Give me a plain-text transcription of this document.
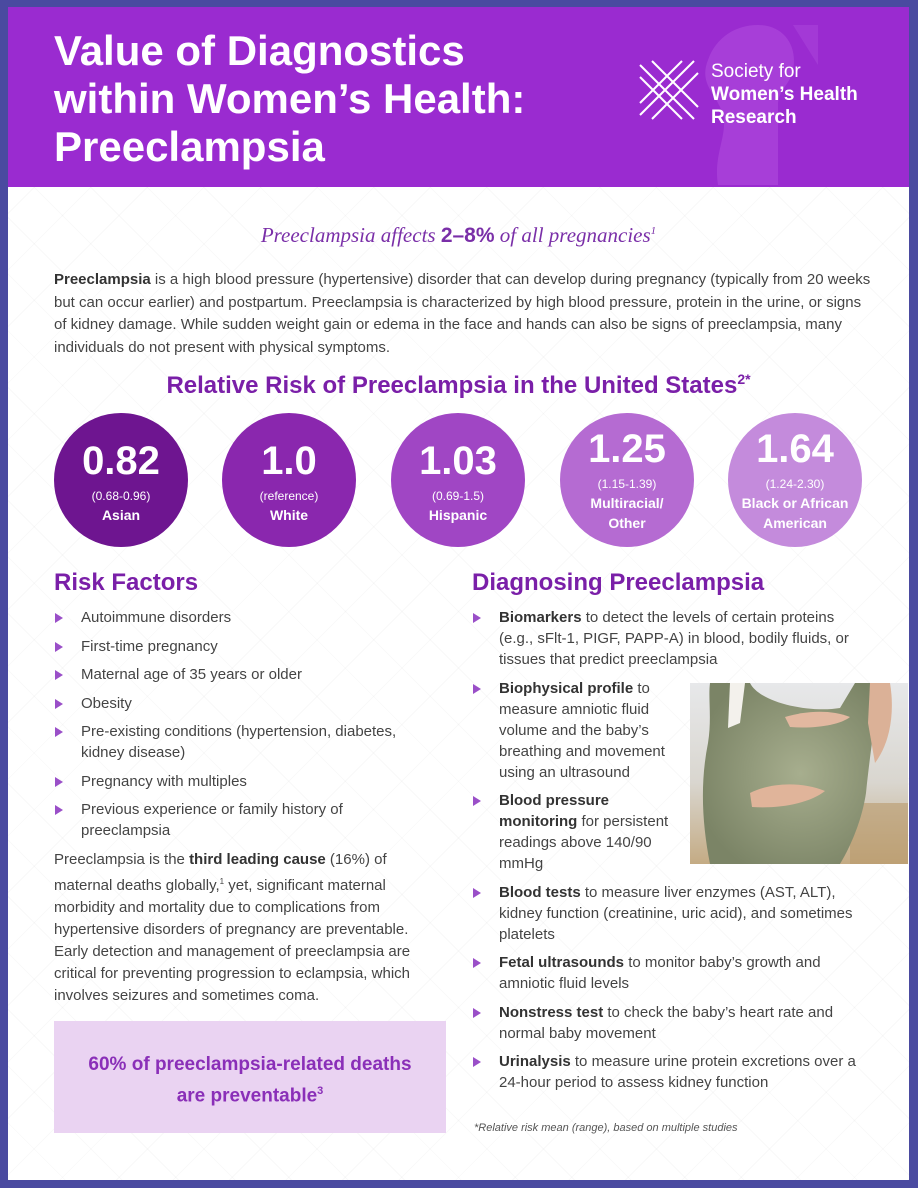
Value of Diagnostics
within Women’s Health:
Preeclampsia
Society for
Women’s Health
Research
Preeclampsia affects 2–8% of all pregnancies$^1$

Preeclampsia is a high blood pressure (hypertensive) disorder that can develop during pregnancy (typically from 20 weeks but can occur earlier) and postpartum. Preeclampsia is characterized by high blood pressure, protein in the urine, or signs of kidney damage. While sudden weight gain or edema in the face and hands can also be signs of preeclampsia, many individuals do not present with physical symptoms.

Relative Risk of Preeclampsia in the United States$^{2*}$
0.82
(0.68-0.96)
Asian
1.0
(reference)
White
1.03
(0.69-1.5)
Hispanic
1.25
(1.15-1.39)
Multiracial/
Other
1.64
(1.24-2.30)
Black or African
American
Risk Factors
Autoimmune disorders
First-time pregnancy
Maternal age of 35 years or older
Obesity
Pre-existing conditions (hypertension, diabetes, kidney disease)
Pregnancy with multiples
Previous experience or family history of preeclampsia

Preeclampsia is the third leading cause (16%) of maternal deaths globally,$^1$ yet, significant maternal morbidity and mortality due to complications from hypertensive disorders of pregnancy are preventable. Early detection and management of preeclampsia are critical for preventing progression to eclampsia, which involves seizures and sometimes coma.

60% of preeclampsia-related deaths
are preventable$^3$
Diagnosing Preeclampsia
Biomarkers to detect the levels of certain proteins (e.g., sFlt-1, PIGF, PAPP-A) in blood, bodily fluids, or tissues that predict preeclampsia
Biophysical profile to measure amniotic fluid volume and the baby’s breathing and movement using an ultrasound
Blood pressure monitoring for persistent readings above 140/90 mmHg
Blood tests to measure liver enzymes (AST, ALT), kidney function (creatinine, uric acid), and sometimes platelets
Fetal ultrasounds to monitor baby’s growth and amniotic fluid levels
Nonstress test to check the baby’s heart rate and normal baby movement
Urinalysis to measure urine protein excretions over a 24-hour period to assess kidney function
*Relative risk mean (range), based on multiple studies
